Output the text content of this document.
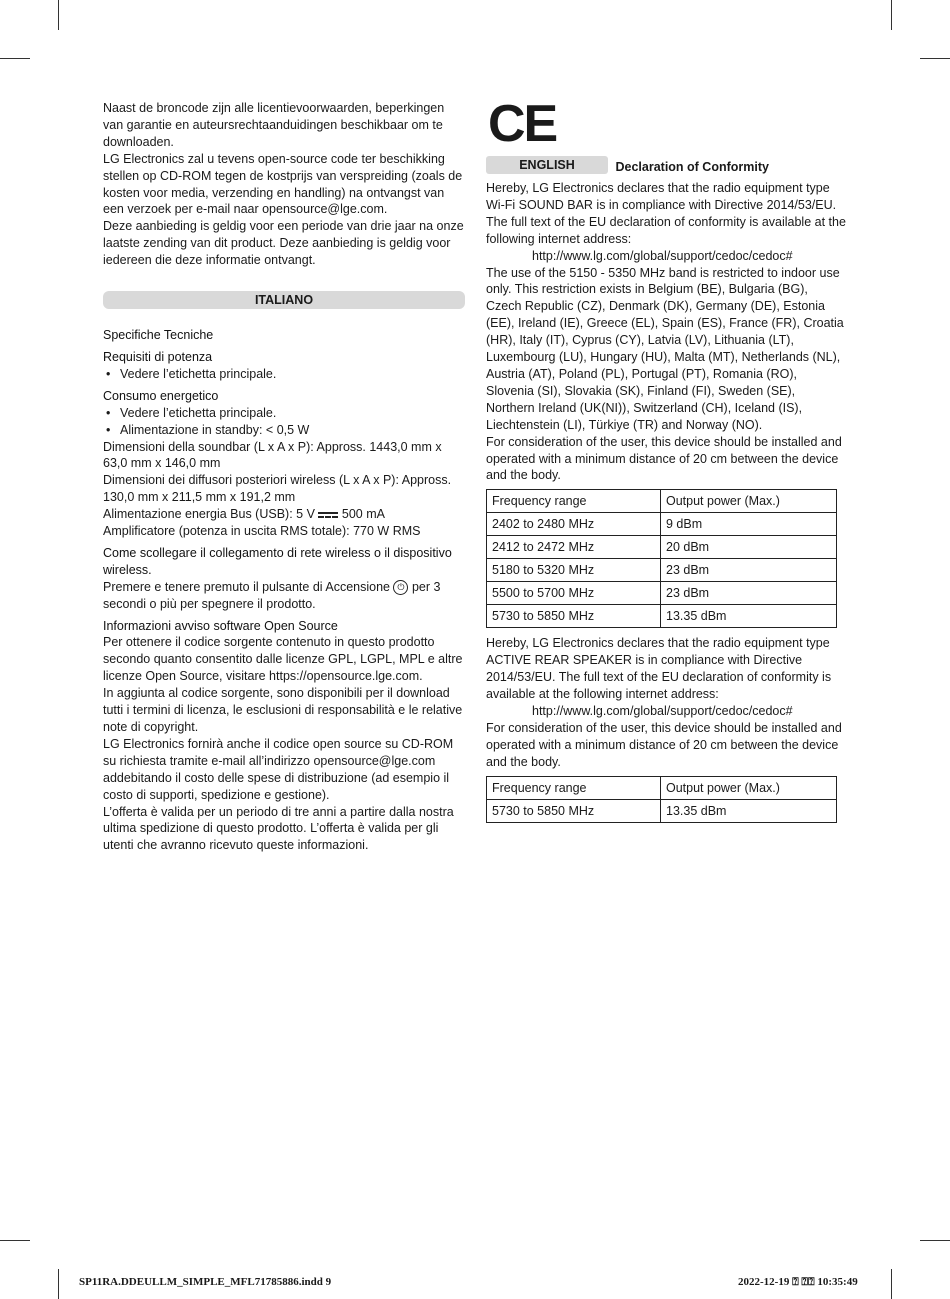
Naast de broncode zijn alle licentievoorwaarden, beperkingen van garantie en auteursrechtaanduidingen beschikbaar om te downloaden.

LG Electronics zal u tevens open-source code ter beschikking stellen op CD-ROM tegen de kostprijs van verspreiding (zoals de kosten voor media, verzending en handling) na ontvangst van een verzoek per e-mail naar opensource@lge.com.

Deze aanbieding is geldig voor een periode van drie jaar na onze laatste zending van dit product. Deze aanbieding is geldig voor iedereen die deze informatie ontvangt.

ITALIANO

Specifiche Tecniche

Requisiti di potenza

• Vedere l’etichetta principale.

Consumo energetico

• Vedere l’etichetta principale.

• Alimentazione in standby: < 0,5 W

Dimensioni della soundbar (L x A x P): Appross. 1443,0 mm x 63,0 mm x 146,0 mm

Dimensioni dei diffusori posteriori wireless (L x A x P): Appross. 130,0 mm x 211,5 mm x 191,2 mm

Alimentazione energia Bus (USB): 5 V 500 mA

Amplificatore (potenza in uscita RMS totale): 770 W RMS

Come scollegare il collegamento di rete wireless o il dispositivo wireless.

Premere e tenere premuto il pulsante di Accensione ⏻ per 3 secondi o più per spegnere il prodotto.

Informazioni avviso software Open Source

Per ottenere il codice sorgente contenuto in questo prodotto secondo quanto consentito dalle licenze GPL, LGPL, MPL e altre licenze Open Source, visitare https://opensource.lge.com.

In aggiunta al codice sorgente, sono disponibili per il download tutti i termini di licenza, le esclusioni di responsabilità e le relative note di copyright.

LG Electronics fornirà anche il codice open source su CD-ROM su richiesta tramite e-mail all’indirizzo opensource@lge.com addebitando il costo delle spese di distribuzione (ad esempio il costo di supporti, spedizione e gestione).

L’offerta è valida per un periodo di tre anni a partire dalla nostra ultima spedizione di questo prodotto. L’offerta è valida per gli utenti che avranno ricevuto queste informazioni.

CE
ENGLISH	Declaration of Conformity

Hereby, LG Electronics declares that the radio equipment type Wi-Fi SOUND BAR is in compliance with Directive 2014/53/EU. The full text of the EU declaration of conformity is available at the following internet address:

http://www.lg.com/global/support/cedoc/cedoc#

The use of the 5150 - 5350 MHz band is restricted to indoor use only. This restriction exists in Belgium (BE), Bulgaria (BG), Czech Republic (CZ), Denmark (DK), Germany (DE), Estonia (EE), Ireland (IE), Greece (EL), Spain (ES), France (FR), Croatia (HR), Italy (IT), Cyprus (CY), Latvia (LV), Lithuania (LT), Luxembourg (LU), Hungary (HU), Malta (MT), Netherlands (NL), Austria (AT), Poland (PL), Portugal (PT), Romania (RO), Slovenia (SI), Slovakia (SK), Finland (FI), Sweden (SE), Northern Ireland (UK(NI)), Switzerland (CH), Iceland (IS), Liechtenstein (LI), Türkiye (TR) and Norway (NO).

For consideration of the user, this device should be installed and operated with a minimum distance of 20 cm between the device and the body.

Frequency range	Output power (Max.)
2402 to 2480 MHz	9 dBm
2412 to 2472 MHz	20 dBm
5180 to 5320 MHz	23 dBm
5500 to 5700 MHz	23 dBm
5730 to 5850 MHz	13.35 dBm

Hereby, LG Electronics declares that the radio equipment type ACTIVE REAR SPEAKER is in compliance with Directive 2014/53/EU. The full text of the EU declaration of conformity is available at the following internet address:

http://www.lg.com/global/support/cedoc/cedoc#

For consideration of the user, this device should be installed and operated with a minimum distance of 20 cm between the device and the body.

Frequency range	Output power (Max.)
5730 to 5850 MHz	13.35 dBm
SP11RA.DDEULLM_SIMPLE_MFL71785886.indd 9	2022-12-19 ⍰ ⍰⍰ 10:35:49
